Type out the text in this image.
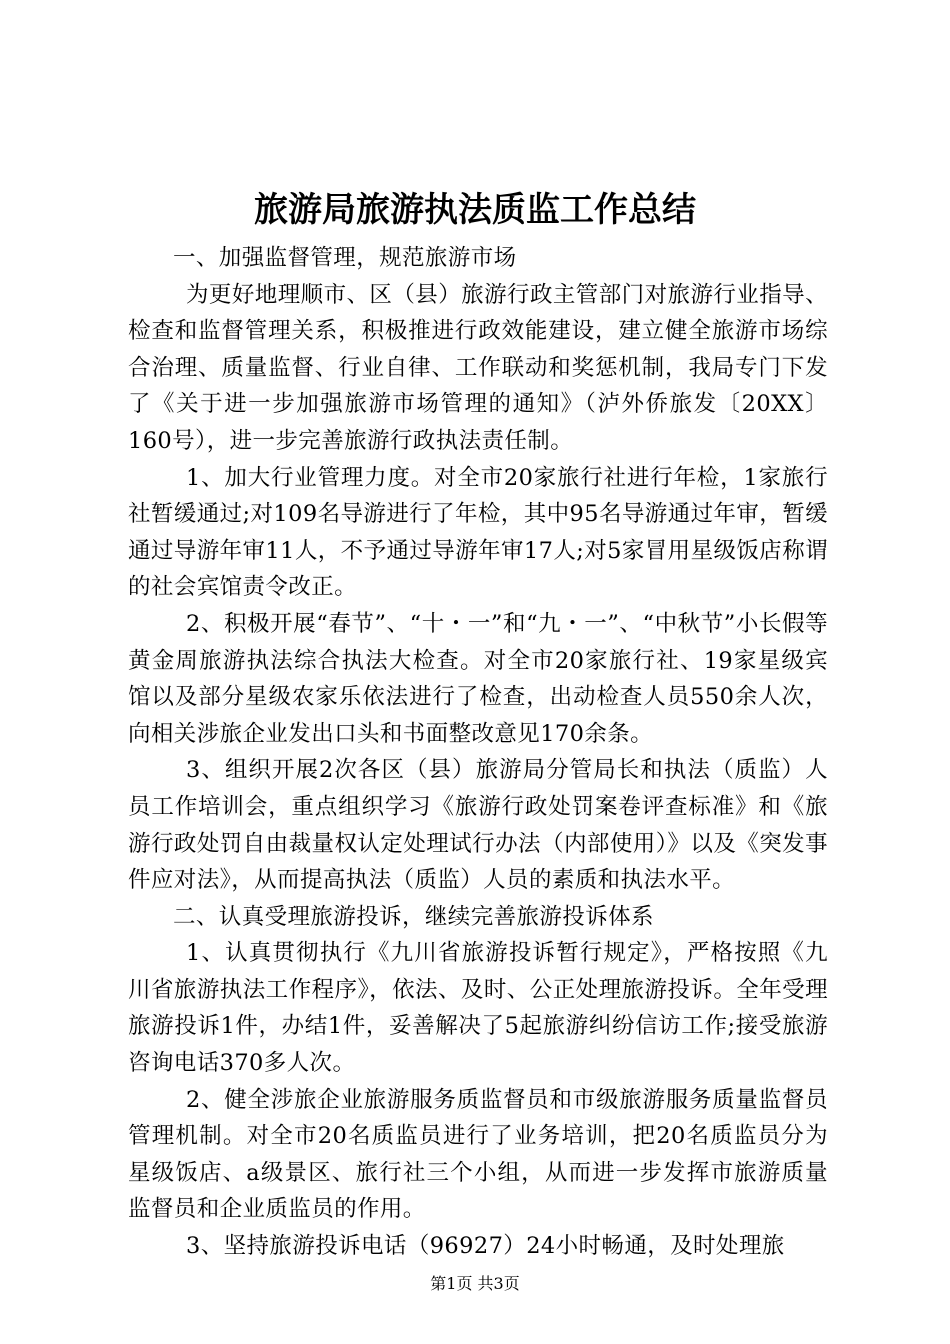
旅游局旅游执法质监工作总结

一、加强监督管理，规范旅游市场

为更好地理顺市、区（县）旅游行政主管部门对旅游行业指导、检查和监督管理关系，积极推进行政效能建设，建立健全旅游市场综合治理、质量监督、行业自律、工作联动和奖惩机制，我局专门下发了《关于进一步加强旅游市场管理的通知》（泸外侨旅发〔20XX〕160号），进一步完善旅游行政执法责任制。

1、加大行业管理力度。对全市20家旅行社进行年检，1家旅行社暂缓通过;对109名导游进行了年检，其中95名导游通过年审，暂缓通过导游年审11人，不予通过导游年审17人;对5家冒用星级饭店称谓的社会宾馆责令改正。

2、积极开展“春节”、“十・一”和“九・一”、“中秋节”小长假等黄金周旅游执法综合执法大检查。对全市20家旅行社、19家星级宾馆以及部分星级农家乐依法进行了检查，出动检查人员550余人次，向相关涉旅企业发出口头和书面整改意见170余条。

3、组织开展2次各区（县）旅游局分管局长和执法（质监）人员工作培训会，重点组织学习《旅游行政处罚案卷评查标准》和《旅游行政处罚自由裁量权认定处理试行办法（内部使用）》以及《突发事件应对法》，从而提高执法（质监）人员的素质和执法水平。

二、认真受理旅游投诉，继续完善旅游投诉体系

1、认真贯彻执行《九川省旅游投诉暂行规定》，严格按照《九川省旅游执法工作程序》，依法、及时、公正处理旅游投诉。全年受理旅游投诉1件，办结1件，妥善解决了5起旅游纠纷信访工作;接受旅游咨询电话370多人次。

2、健全涉旅企业旅游服务质监督员和市级旅游服务质量监督员管理机制。对全市20名质监员进行了业务培训，把20名质监员分为星级饭店、a级景区、旅行社三个小组，从而进一步发挥市旅游质量监督员和企业质监员的作用。

3、坚持旅游投诉电话（96927）24小时畅通，及时处理旅

第1页 共3页
